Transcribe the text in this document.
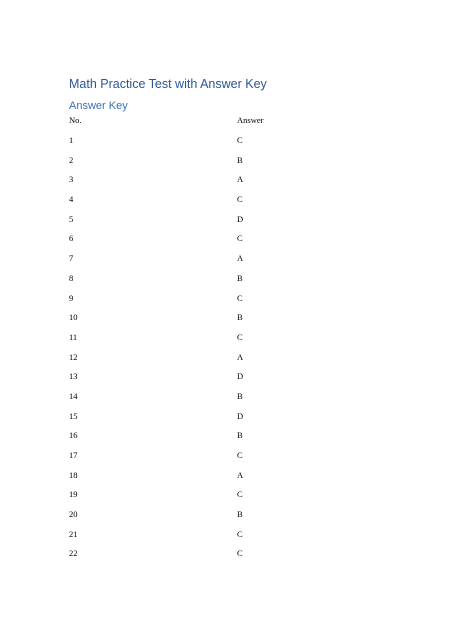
Math Practice Test with Answer Key
Answer Key
No.	Answer
1	C
2	B
3	A
4	C
5	D
6	C
7	A
8	B
9	C
10	B
11	C
12	A
13	D
14	B
15	D
16	B
17	C
18	A
19	C
20	B
21	C
22	C
